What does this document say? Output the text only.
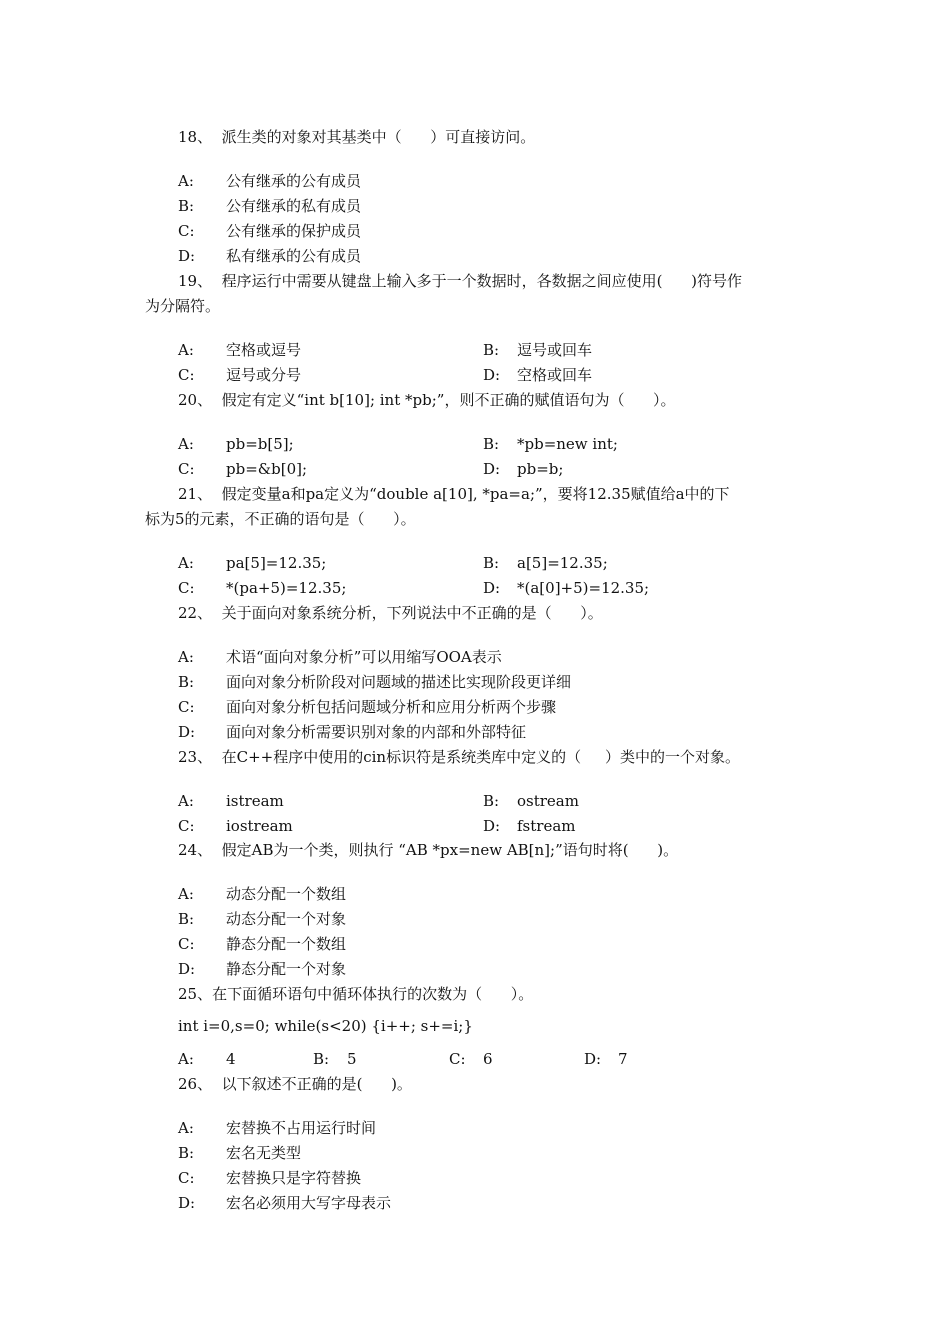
18、  派生类的对象对其基类中（      ）可直接访问。
A: 公有继承的公有成员
B: 公有继承的私有成员
C: 公有继承的保护成员
D: 私有继承的公有成员
19、  程序运行中需要从键盘上输入多于一个数据时，各数据之间应使用(      )符号作
为分隔符。
A: 空格或逗号	B: 逗号或回车
C: 逗号或分号	D: 空格或回车
20、  假定有定义“int b[10]; int *pb;”，则不正确的赋值语句为（      ）。
A: pb=b[5];	B: *pb=new int;
C: pb=&b[0];	D: pb=b;
21、  假定变量a和pa定义为“double a[10], *pa=a;”，要将12.35赋值给a中的下
标为5的元素，不正确的语句是（      ）。
A: pa[5]=12.35;	B: a[5]=12.35;
C: *(pa+5)=12.35;	D: *(a[0]+5)=12.35;
22、  关于面向对象系统分析，下列说法中不正确的是（      ）。
A: 术语“面向对象分析”可以用缩写OOA表示
B: 面向对象分析阶段对问题域的描述比实现阶段更详细
C: 面向对象分析包括问题域分析和应用分析两个步骤
D: 面向对象分析需要识别对象的内部和外部特征
23、  在C++程序中使用的cin标识符是系统类库中定义的（     ）类中的一个对象。
A: istream	B: ostream
C: iostream	D: fstream
24、  假定AB为一个类，则执行 “AB *px=new AB[n];”语句时将(      )。
A: 动态分配一个数组
B: 动态分配一个对象
C: 静态分配一个数组
D: 静态分配一个对象
25、在下面循环语句中循环体执行的次数为（      ）。
int i=0,s=0; while(s<20) {i++; s+=i;}
A: 4	B: 5	C: 6	D: 7
26、  以下叙述不正确的是(      )。
A: 宏替换不占用运行时间
B: 宏名无类型
C: 宏替换只是字符替换
D: 宏名必须用大写字母表示
